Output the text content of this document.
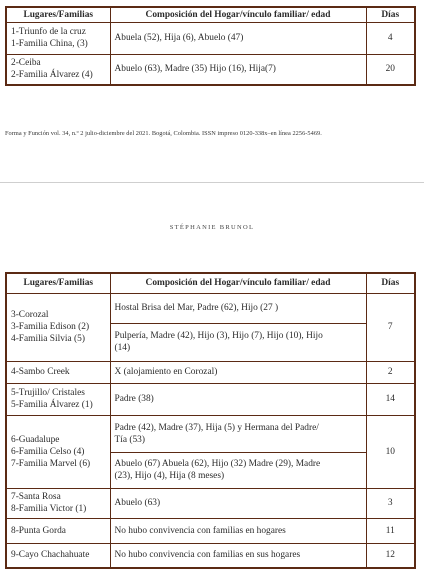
Lugares/Familias	Composición del Hogar/vínculo familiar/ edad	Días

1-Triunfo de la cruz
1-Familia China, (3)	Abuela (52), Hija (6), Abuelo (47)	4

2-Ceiba
2-Familia Álvarez (4)	Abuelo (63), Madre (35) Hijo (16), Hija(7)	20
Forma y Función vol. 34, n.º 2 julio-diciembre del 2021. Bogotá, Colombia. ISSN impreso 0120-338x–en línea 2256-5469.
STÉPHANIE BRUNOL
Lugares/Familias	Composición del Hogar/vínculo familiar/ edad	Días

3-Corozal
3-Familia Edison (2)
4-Familia Silvia (5)	Hostal Brisa del Mar, Padre (62), Hijo (27 )	7

	Pulpería, Madre (42), Hijo (3), Hijo (7), Hijo (10), Hijo
(14)	

4-Sambo Creek	X (alojamiento en Corozal)	2

5-Trujillo/ Cristales
5-Familia Álvarez (1)	Padre (38)	14

6-Guadalupe
6-Familia Celso (4)
7-Familia Marvel (6)	Padre (42), Madre (37), Hija (5) y Hermana del Padre/
Tía (53)	10

	Abuelo (67) Abuela (62), Hijo (32) Madre (29), Madre
(23), Hijo (4), Hija (8 meses)	

7-Santa Rosa
8-Familia Victor (1)	Abuelo (63)	3
8-Punta Gorda	No hubo convivencia con familias en hogares	11
9-Cayo Chachahuate	No hubo convivencia con familias en sus hogares	12
